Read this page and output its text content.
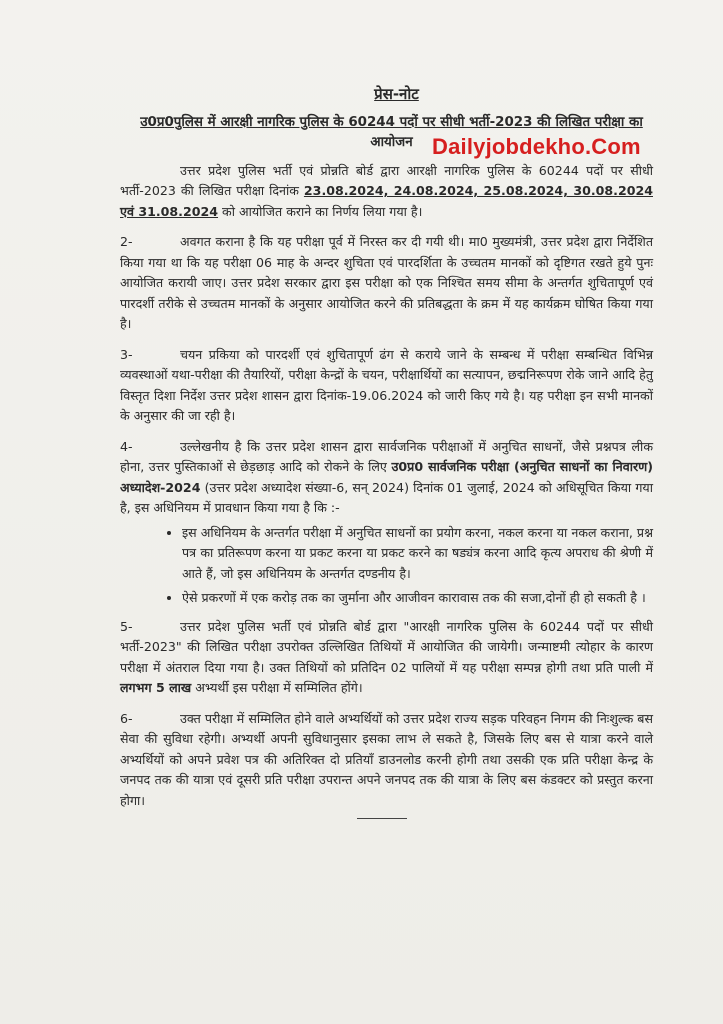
प्रेस-नोट
उ0प्र0पुलिस में आरक्षी नागरिक पुलिस के 60244 पदों पर सीधी भर्ती-2023 की लिखित परीक्षा का
आयोजन Dailyjobdekho.Com

उत्तर प्रदेश पुलिस भर्ती एवं प्रोन्नति बोर्ड द्वारा आरक्षी नागरिक पुलिस के 60244 पदों पर सीधी भर्ती-2023 की लिखित परीक्षा दिनांक 23.08.2024, 24.08.2024, 25.08.2024, 30.08.2024 एवं 31.08.2024 को आयोजित कराने का निर्णय लिया गया है।

2-	अवगत कराना है कि यह परीक्षा पूर्व में निरस्त कर दी गयी थी। मा0 मुख्यमंत्री, उत्तर प्रदेश द्वारा निर्देशित किया गया था कि यह परीक्षा 06 माह के अन्दर शुचिता एवं पारदर्शिता के उच्चतम मानकों को दृष्टिगत रखते हुये पुनः आयोजित करायी जाए। उत्तर प्रदेश सरकार द्वारा इस परीक्षा को एक निश्चित समय सीमा के अन्तर्गत शुचितापूर्ण एवं पारदर्शी तरीके से उच्चतम मानकों के अनुसार आयोजित करने की प्रतिबद्धता के क्रम में यह कार्यक्रम घोषित किया गया है।

3-	चयन प्रकिया को पारदर्शी एवं शुचितापूर्ण ढंग से कराये जाने के सम्बन्ध में परीक्षा सम्बन्धित विभिन्न व्यवस्थाओं यथा-परीक्षा की तैयारियों, परीक्षा केन्द्रों के चयन, परीक्षार्थियों का सत्यापन, छद्मनिरूपण रोके जाने आदि हेतु विस्तृत दिशा निर्देश उत्तर प्रदेश शासन द्वारा दिनांक-19.06.2024 को जारी किए गये है। यह परीक्षा इन सभी मानकों के अनुसार की जा रही है।

4-	उल्लेखनीय है कि उत्तर प्रदेश शासन द्वारा सार्वजनिक परीक्षाओं में अनुचित साधनों, जैसे प्रश्नपत्र लीक होना, उत्तर पुस्तिकाओं से छेड़छाड़ आदि को रोकने के लिए उ0प्र0 सार्वजनिक परीक्षा (अनुचित साधनों का निवारण) अध्यादेश-2024 (उत्तर प्रदेश अध्यादेश संख्या-6, सन् 2024) दिनांक 01 जुलाई, 2024 को अधिसूचित किया गया है, इस अधिनियम में प्रावधान किया गया है कि :-

• इस अधिनियम के अन्तर्गत परीक्षा में अनुचित साधनों का प्रयोग करना, नकल करना या नकल कराना, प्रश्न पत्र का प्रतिरूपण करना या प्रकट करना या प्रकट करने का षड्यंत्र करना आदि कृत्य अपराध की श्रेणी में आते हैं, जो इस अधिनियम के अन्तर्गत दण्डनीय है।
• ऐसे प्रकरणों में एक करोड़ तक का जुर्माना और आजीवन कारावास तक की सजा,दोनों ही हो सकती है ।

5-	उत्तर प्रदेश पुलिस भर्ती एवं प्रोन्नति बोर्ड द्वारा "आरक्षी नागरिक पुलिस के 60244 पदों पर सीधी भर्ती-2023" की लिखित परीक्षा उपरोक्त उल्लिखित तिथियों में आयोजित की जायेगी। जन्माष्टमी त्योहार के कारण परीक्षा में अंतराल दिया गया है। उक्त तिथियों को प्रतिदिन 02 पालियों में यह परीक्षा सम्पन्न होगी तथा प्रति पाली में लगभग 5 लाख अभ्यर्थी इस परीक्षा में सम्मिलित होंगे।

6-	उक्त परीक्षा में सम्मिलित होने वाले अभ्यर्थियों को उत्तर प्रदेश राज्य सड़क परिवहन निगम की निःशुल्क बस सेवा की सुविधा रहेगी। अभ्यर्थी अपनी सुविधानुसार इसका लाभ ले सकते है, जिसके लिए बस से यात्रा करने वाले अभ्यर्थियों को अपने प्रवेश पत्र की अतिरिक्त दो प्रतियॉं डाउनलोड करनी होगी तथा उसकी एक प्रति परीक्षा केन्द्र के जनपद तक की यात्रा एवं दूसरी प्रति परीक्षा उपरान्त अपने जनपद तक की यात्रा के लिए बस कंडक्टर को प्रस्तुत करना होगा।
